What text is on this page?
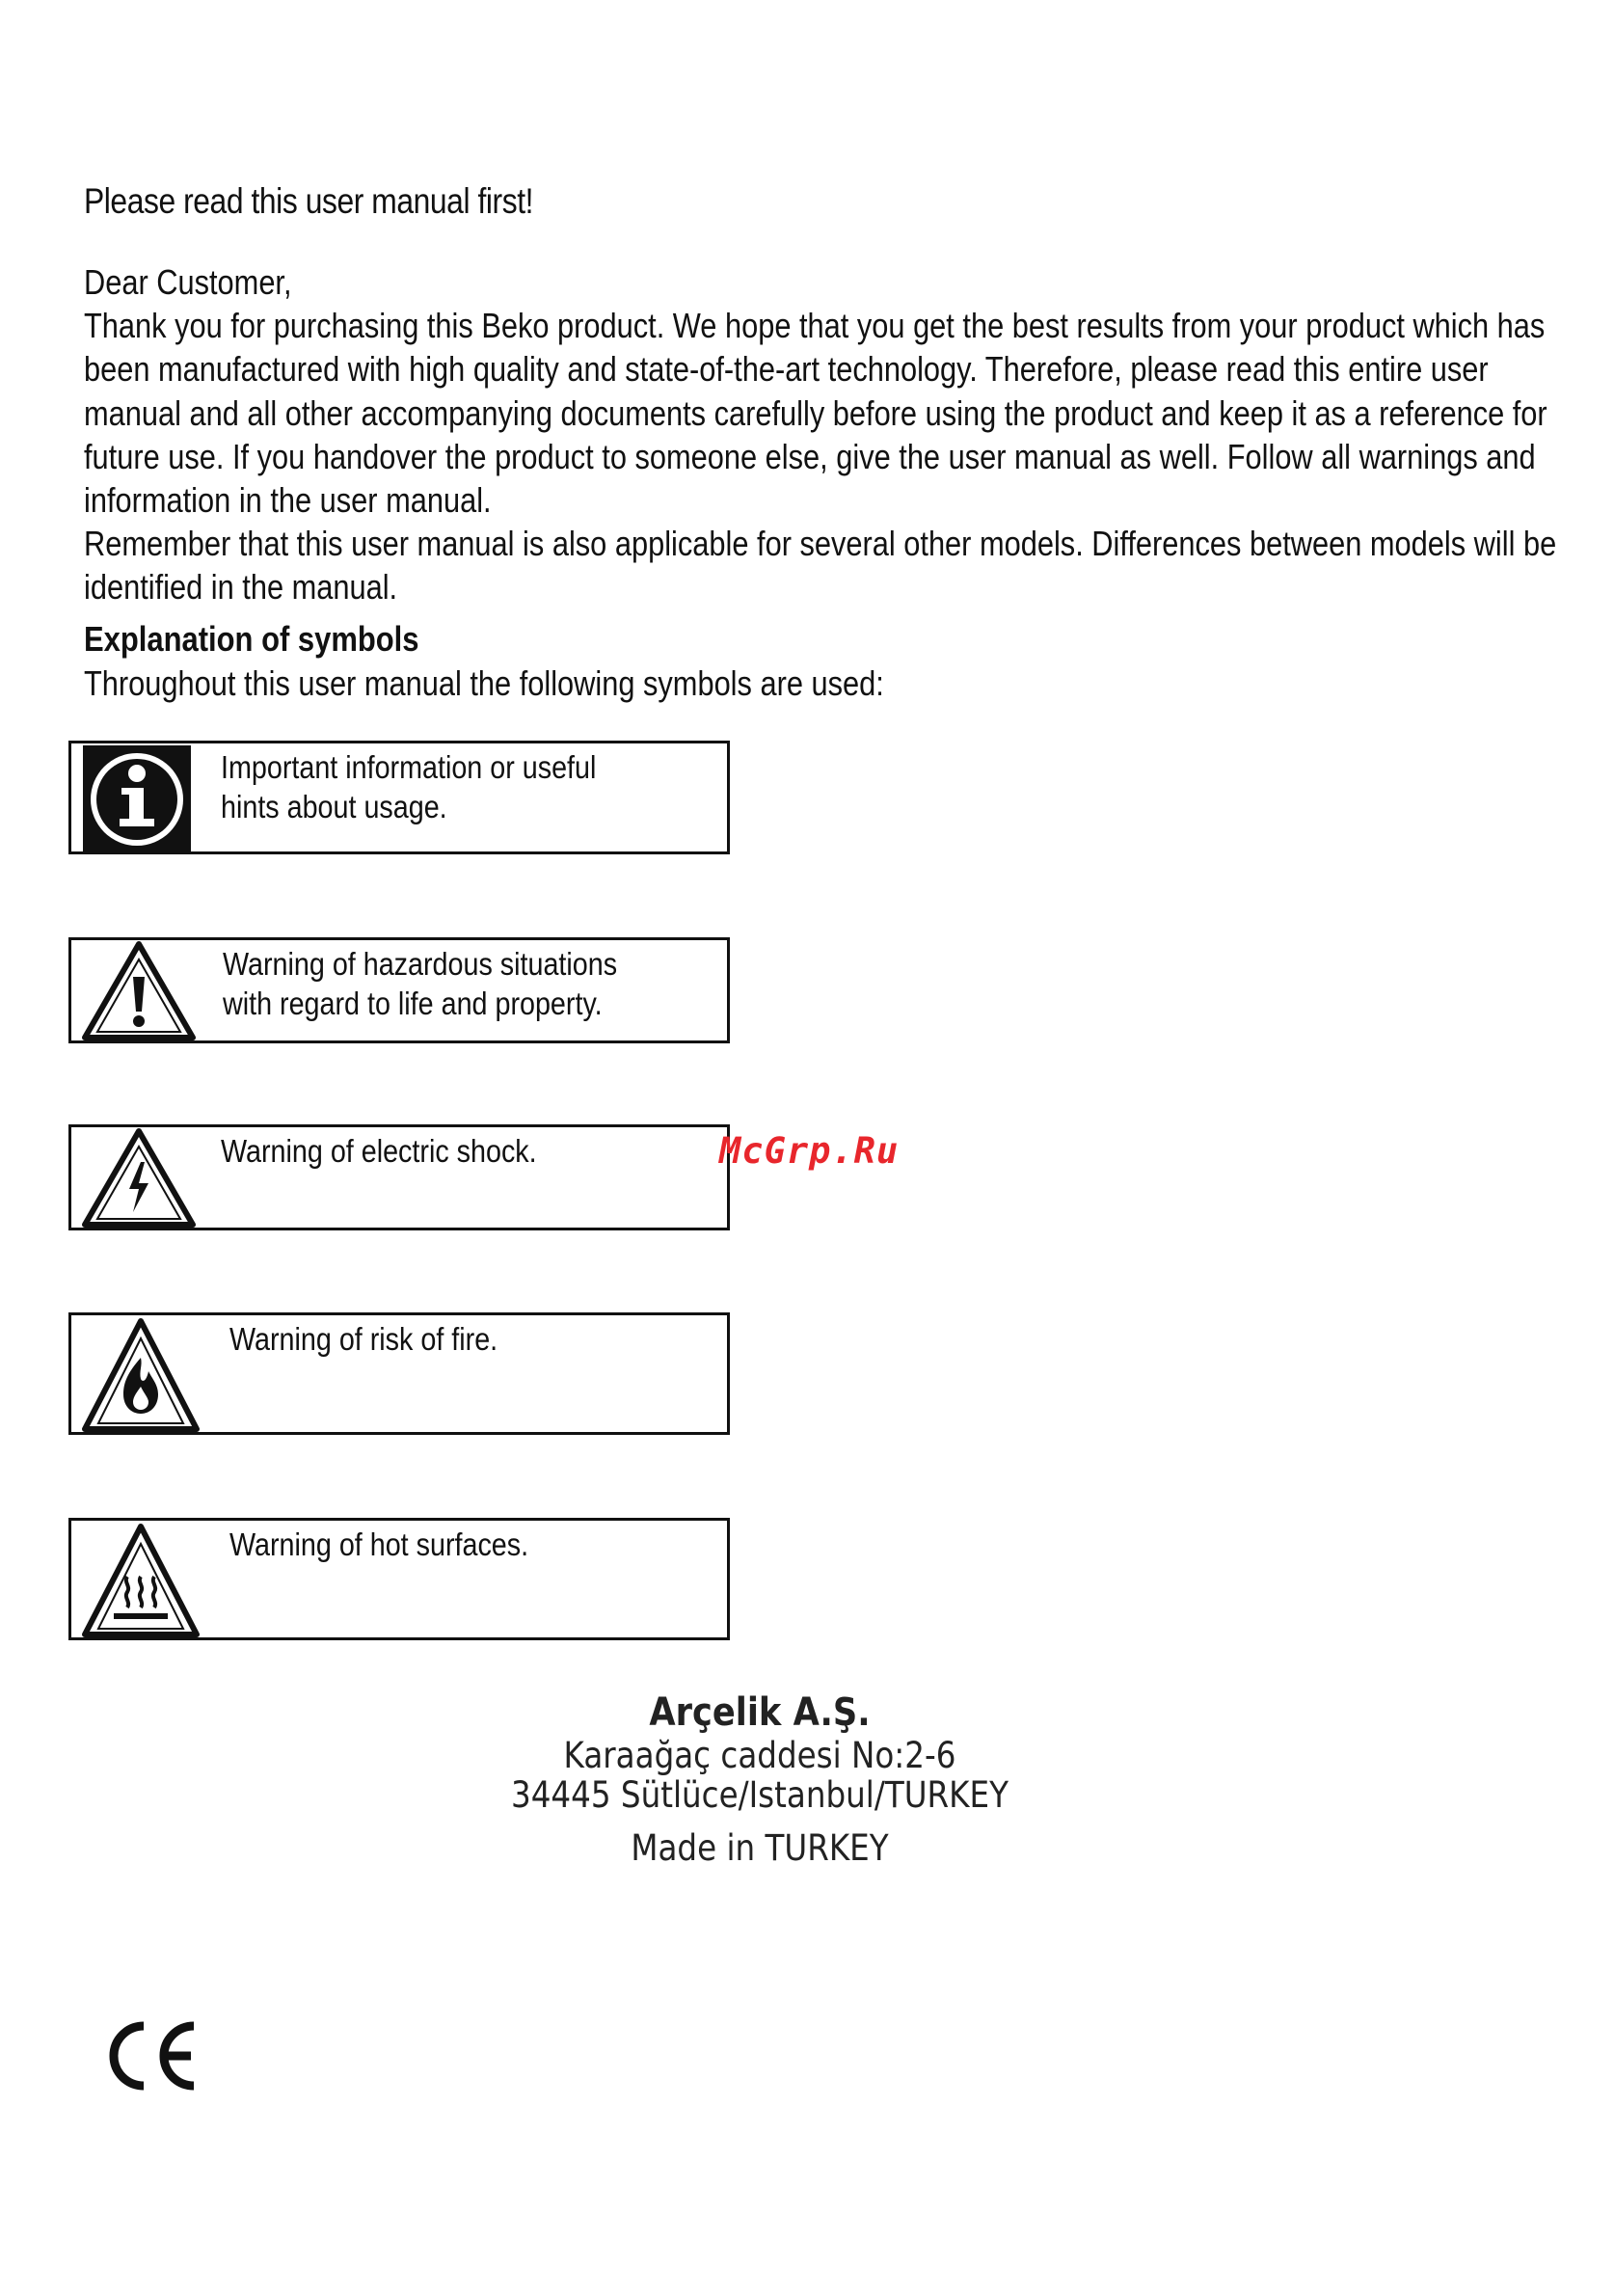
Please read this user manual first!

Dear Customer,

Thank you for purchasing this Beko product. We hope that you get the best results from your product which has been manufactured with high quality and state-of-the-art technology. Therefore, please read this entire user manual and all other accompanying documents carefully before using the product and keep it as a reference for future use. If you handover the product to someone else, give the user manual as well. Follow all warnings and information in the user manual.

Remember that this user manual is also applicable for several other models. Differences between models will be identified in the manual.

Explanation of symbols
Throughout this user manual the following symbols are used:
Important information or useful hints about usage.
Warning of hazardous situations with regard to life and property.
Warning of electric shock.
Warning of risk of fire.
Warning of hot surfaces.
McGrp.Ru
Arçelik A.Ş.
Karaağaç caddesi No:2-6
34445 Sütlüce/Istanbul/TURKEY
Made in TURKEY
